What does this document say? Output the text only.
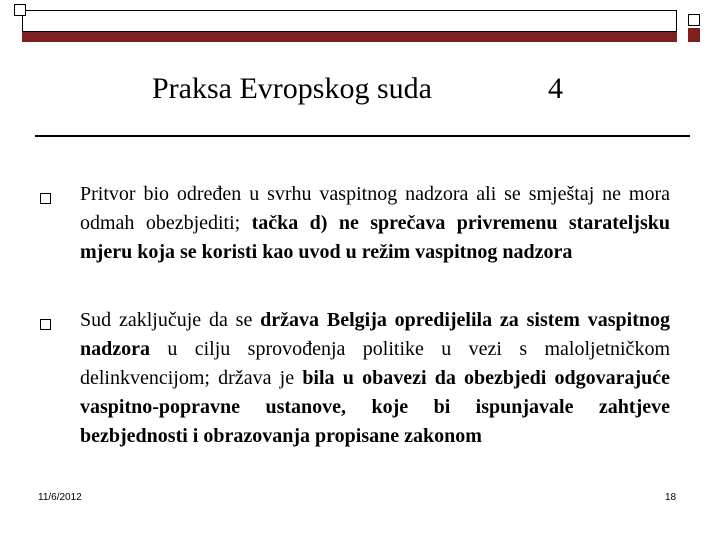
Praksa Evropskog suda	4
Pritvor bio određen u svrhu vaspitnog nadzora ali se smještaj ne mora odmah obezbjediti; tačka d) ne sprečava privremenu starateljsku mjeru koja se koristi kao uvod u režim vaspitnog nadzora
Sud zaključuje da se država Belgija opredijelila za sistem vaspitnog nadzora u cilju sprovođenja politike u vezi s maloljetničkom delinkvencijom; država je bila u obavezi da obezbjedi odgovarajuće vaspitno-popravne ustanove, koje bi ispunjavale zahtjeve bezbjednosti i obrazovanja propisane zakonom
11/6/2012	18
